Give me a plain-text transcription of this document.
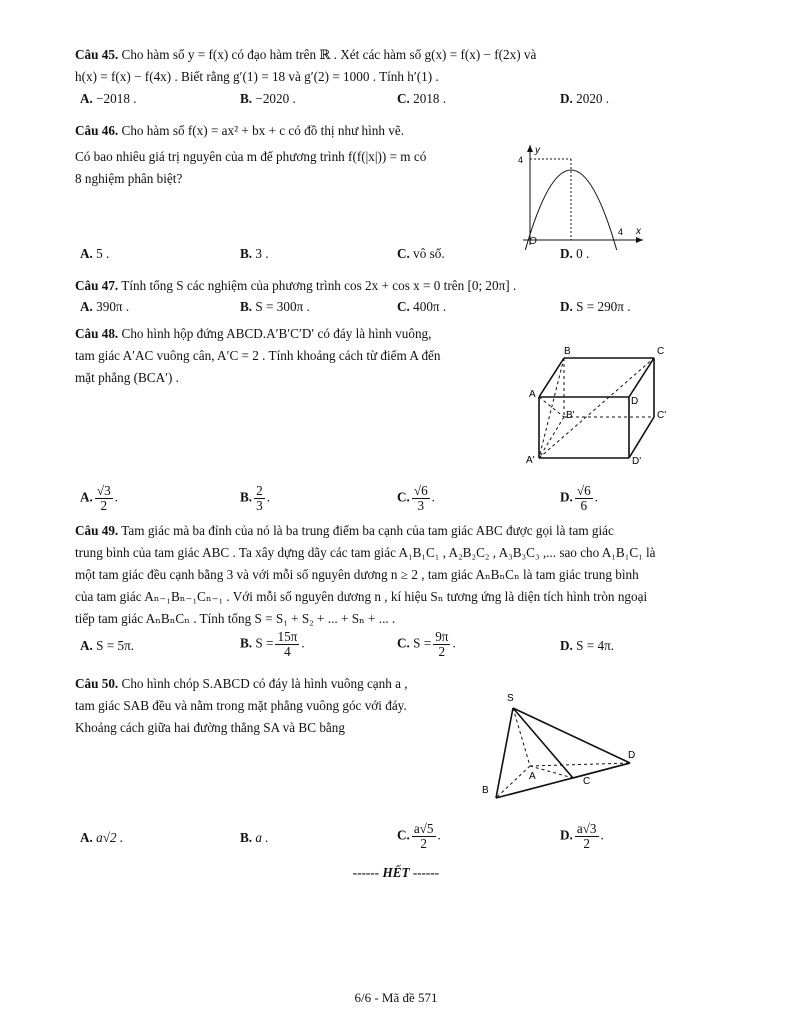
Câu 45. Cho hàm số y = f(x) có đạo hàm trên ℝ . Xét các hàm số g(x) = f(x) − f(2x) và
h(x) = f(x) − f(4x) . Biết rằng g′(1) = 18 và g′(2) = 1000 . Tính h′(1) .
A. −2018 .	B. −2020 .	C. 2018 .	D. 2020 .
Câu 46. Cho hàm số f(x) = ax² + bx + c có đồ thị như hình vẽ.
Có bao nhiêu giá trị nguyên của m để phương trình f(f(|x|)) = m có
8 nghiệm phân biệt?
y
x
4
4
O
A. 5 .	B. 3 .	C. vô số.	D. 0 .
Câu 47. Tính tổng S các nghiệm của phương trình cos 2x + cos x = 0 trên [0; 20π] .
A. 390π .	B. S = 300π .	C. 400π .	D. S = 290π .
Câu 48. Cho hình hộp đứng ABCD.A′B′C′D′ có đáy là hình vuông,
tam giác A′AC vuông cân, A′C = 2 . Tính khoảng cách từ điểm A đến
mặt phẳng (BCA′) .
B	C
A
D
B'	C'
A'	D'
A. $\frac{√3}{2}$ .	B. $\frac{2}{3}$ .	C. $\frac{√6}{3}$ .	D. $\frac{√6}{6}$ .
Câu 49. Tam giác mà ba đỉnh của nó là ba trung điểm ba cạnh của tam giác ABC được gọi là tam giác
trung bình của tam giác ABC . Ta xây dựng dãy các tam giác A₁B₁C₁ , A₂B₂C₂ , A₃B₃C₃ ,... sao cho A₁B₁C₁ là
một tam giác đều cạnh bằng 3 và với mỗi số nguyên dương n ≥ 2 , tam giác AₙBₙCₙ là tam giác trung bình
của tam giác Aₙ₋₁Bₙ₋₁Cₙ₋₁ . Với mỗi số nguyên dương n , kí hiệu Sₙ tương ứng là diện tích hình tròn ngoại
tiếp tam giác AₙBₙCₙ . Tính tổng S = S₁ + S₂ + ... + Sₙ + ... .
A. S = 5π.	B. $S = \frac{15\pi}{4}$ .	C. $S = \frac{9\pi}{2}$ .	D. S = 4π.
Câu 50. Cho hình chóp S.ABCD có đáy là hình vuông cạnh a ,
tam giác SAB đều và nằm trong mặt phẳng vuông góc với đáy.
Khoảng cách giữa hai đường thẳng SA và BC bằng
S
A
B
C
D
A. a√2 .	B. a .	C. $\frac{a√5}{2}$ .	D. $\frac{a√3}{2}$ .
------ HẾT ------
6/6 - Mã đề 571
